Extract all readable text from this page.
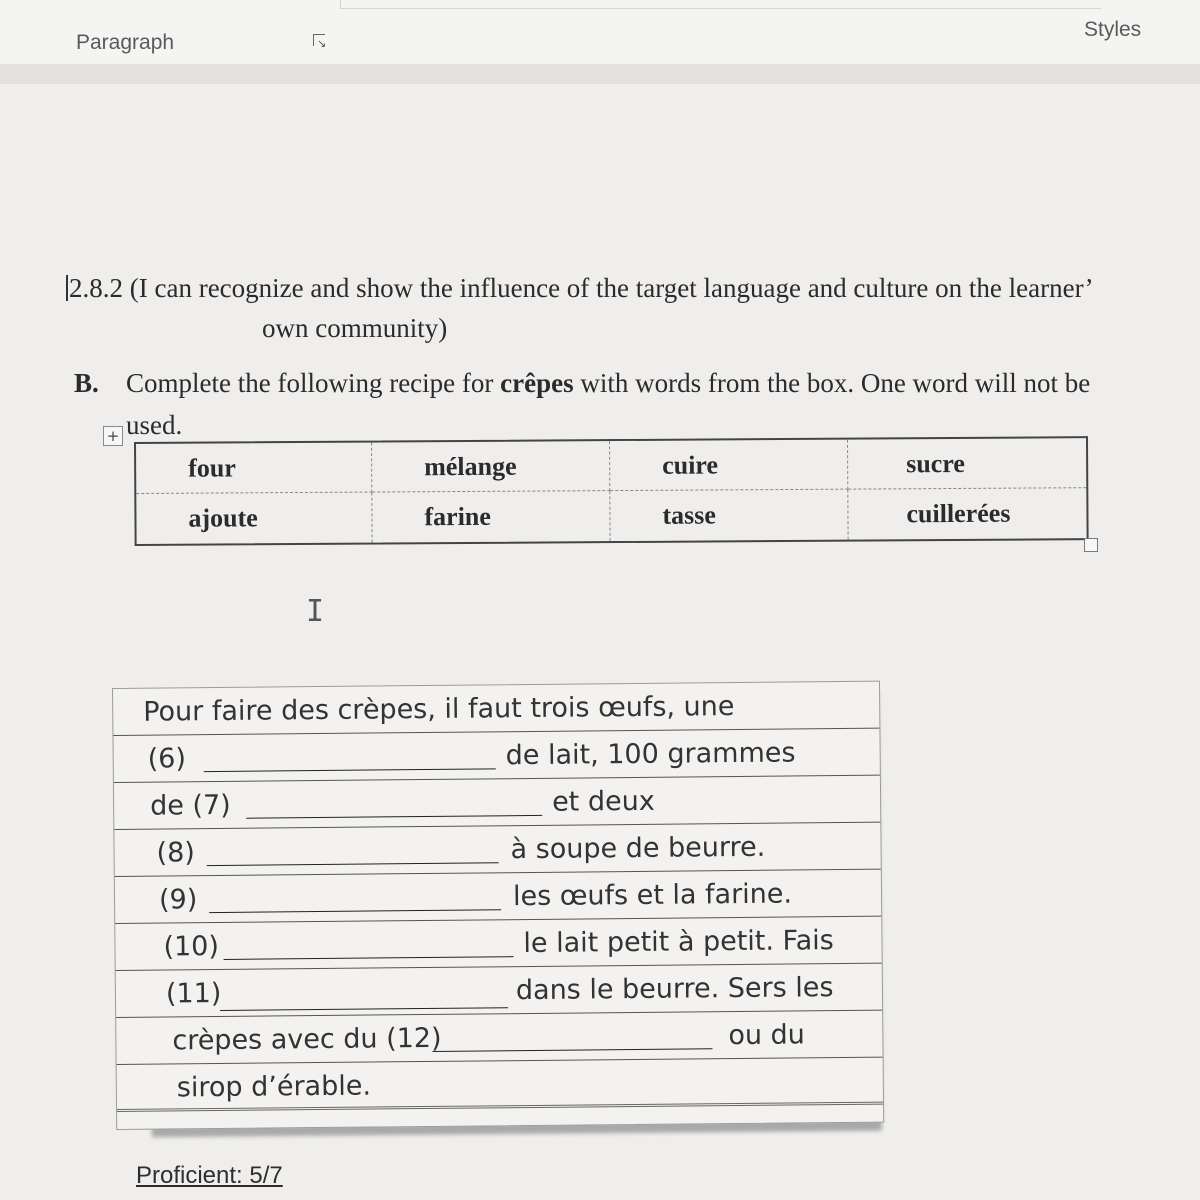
Paragraph	↘
Styles
2.8.2 (I can recognize and show the influence of the target language and culture on the learner’
own community)
B. Complete the following recipe for crêpes with words from the box. One word will not be
used.
+
four	mélange	cuire	sucre
ajoute	farine	tasse	cuillerées
I
Pour faire des crèpes, il faut trois œufs, une
(6)	de lait, 100 grammes
de (7)	et deux
(8)	à soupe de beurre.
(9)	les œufs et la farine.
(10)	le lait petit à petit. Fais
(11)	dans le beurre. Sers les
crèpes avec du (12)	ou du
sirop d’érable.
Proficient: 5/7
